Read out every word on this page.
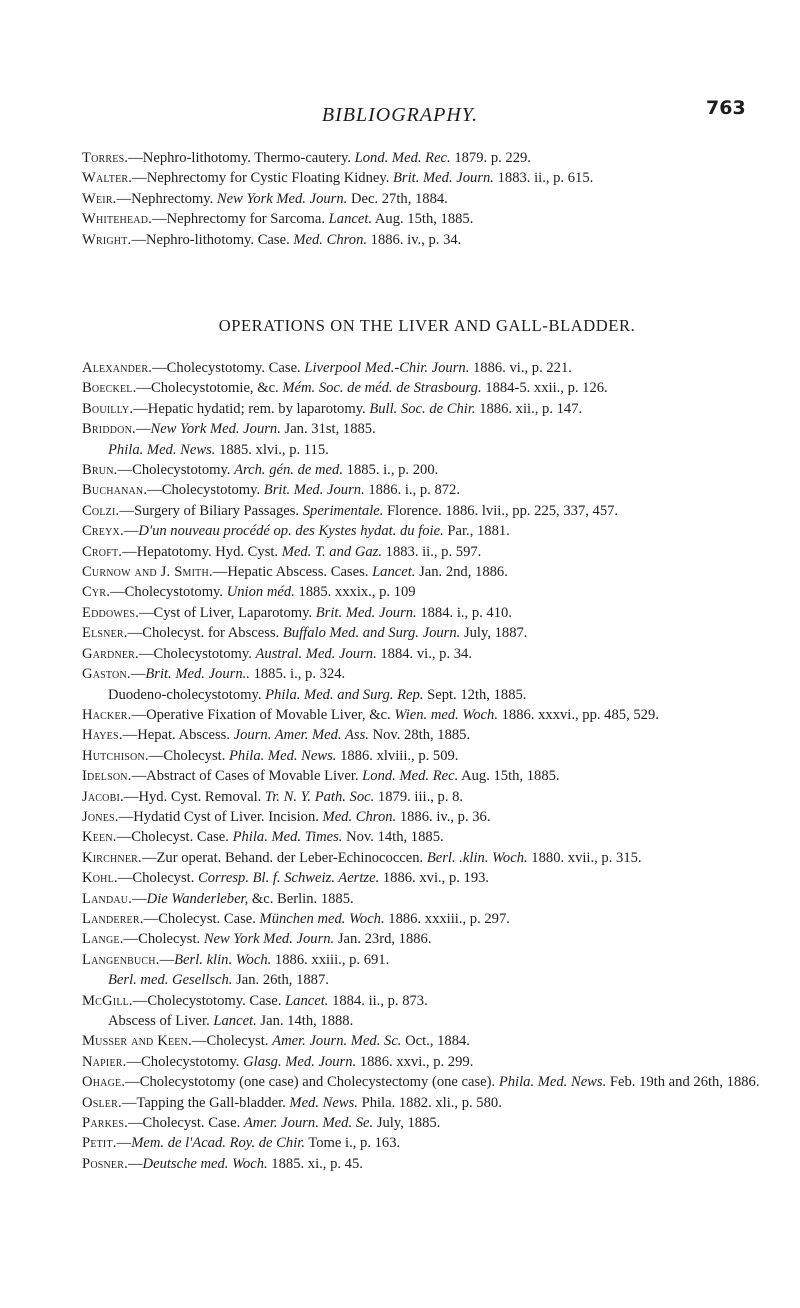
BIBLIOGRAPHY.	763

Torres.—Nephro-lithotomy. Thermo-cautery. Lond. Med. Rec. 1879. p. 229.

Walter.—Nephrectomy for Cystic Floating Kidney. Brit. Med. Journ. 1883. ii., p. 615.

Weir.—Nephrectomy. New York Med. Journ. Dec. 27th, 1884.

Whitehead.—Nephrectomy for Sarcoma. Lancet. Aug. 15th, 1885.

Wright.—Nephro-lithotomy. Case. Med. Chron. 1886. iv., p. 34.

OPERATIONS ON THE LIVER AND GALL-BLADDER.

Alexander.—Cholecystotomy. Case. Liverpool Med.-Chir. Journ. 1886. vi., p. 221.

Boeckel.—Cholecystotomie, &c. Mém. Soc. de méd. de Strasbourg. 1884-5. xxii., p. 126.

Bouilly.—Hepatic hydatid; rem. by laparotomy. Bull. Soc. de Chir. 1886. xii., p. 147.

Briddon.—New York Med. Journ. Jan. 31st, 1885.

Phila. Med. News. 1885. xlvi., p. 115.

Brun.—Cholecystotomy. Arch. gén. de med. 1885. i., p. 200.

Buchanan.—Cholecystotomy. Brit. Med. Journ. 1886. i., p. 872.

Colzi.—Surgery of Biliary Passages. Sperimentale. Florence. 1886. lvii., pp. 225, 337, 457.

Creyx.—D'un nouveau procédé op. des Kystes hydat. du foie. Par., 1881.

Croft.—Hepatotomy. Hyd. Cyst. Med. T. and Gaz. 1883. ii., p. 597.

Curnow and J. Smith.—Hepatic Abscess. Cases. Lancet. Jan. 2nd, 1886.

Cyr.—Cholecystotomy. Union méd. 1885. xxxix., p. 109

Eddowes.—Cyst of Liver, Laparotomy. Brit. Med. Journ. 1884. i., p. 410.

Elsner.—Cholecyst. for Abscess. Buffalo Med. and Surg. Journ. July, 1887.

Gardner.—Cholecystotomy. Austral. Med. Journ. 1884. vi., p. 34.

Gaston.—Brit. Med. Journ.. 1885. i., p. 324.

Duodeno-cholecystotomy. Phila. Med. and Surg. Rep. Sept. 12th, 1885.

Hacker.—Operative Fixation of Movable Liver, &c. Wien. med. Woch. 1886. xxxvi., pp. 485, 529.

Hayes.—Hepat. Abscess. Journ. Amer. Med. Ass. Nov. 28th, 1885.

Hutchison.—Cholecyst. Phila. Med. News. 1886. xlviii., p. 509.

Idelson.—Abstract of Cases of Movable Liver. Lond. Med. Rec. Aug. 15th, 1885.

Jacobi.—Hyd. Cyst. Removal. Tr. N. Y. Path. Soc. 1879. iii., p. 8.

Jones.—Hydatid Cyst of Liver. Incision. Med. Chron. 1886. iv., p. 36.

Keen.—Cholecyst. Case. Phila. Med. Times. Nov. 14th, 1885.

Kirchner.—Zur operat. Behand. der Leber-Echinococcen. Berl. .klin. Woch. 1880. xvii., p. 315.

Kohl.—Cholecyst. Corresp. Bl. f. Schweiz. Aertze. 1886. xvi., p. 193.

Landau.—Die Wanderleber, &c. Berlin. 1885.

Landerer.—Cholecyst. Case. München med. Woch. 1886. xxxiii., p. 297.

Lange.—Cholecyst. New York Med. Journ. Jan. 23rd, 1886.

Langenbuch.—Berl. klin. Woch. 1886. xxiii., p. 691.

Berl. med. Gesellsch. Jan. 26th, 1887.

McGill.—Cholecystotomy. Case. Lancet. 1884. ii., p. 873.

Abscess of Liver. Lancet. Jan. 14th, 1888.

Musser and Keen.—Cholecyst. Amer. Journ. Med. Sc. Oct., 1884.

Napier.—Cholecystotomy. Glasg. Med. Journ. 1886. xxvi., p. 299.

Ohage.—Cholecystotomy (one case) and Cholecystectomy (one case). Phila. Med. News. Feb. 19th and 26th, 1886.

Osler.—Tapping the Gall-bladder. Med. News. Phila. 1882. xli., p. 580.

Parkes.—Cholecyst. Case. Amer. Journ. Med. Se. July, 1885.

Petit.—Mem. de l'Acad. Roy. de Chir. Tome i., p. 163.

Posner.—Deutsche med. Woch. 1885. xi., p. 45.
